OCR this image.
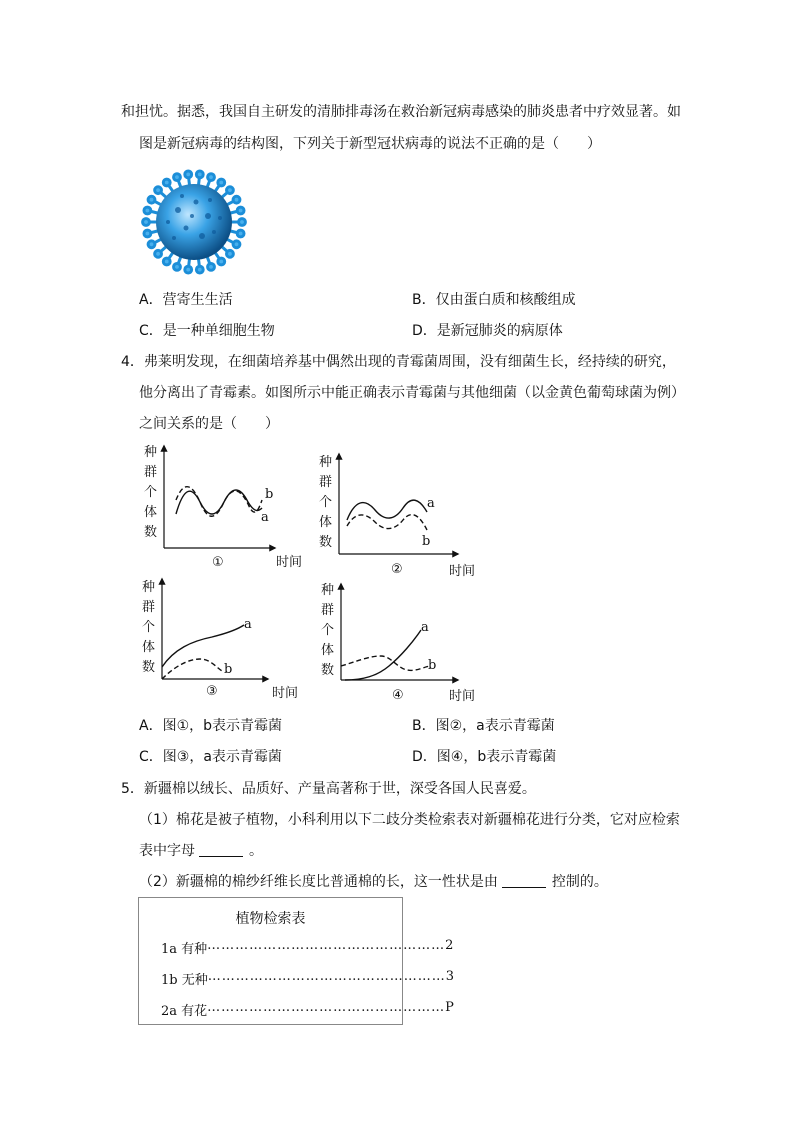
和担忧。据悉，我国自主研发的清肺排毒汤在救治新冠病毒感染的肺炎患者中疗效显著。如
图是新冠病毒的结构图，下列关于新型冠状病毒的说法不正确的是（　　）
A．营寄生生活	B．仅由蛋白质和核酸组成
C．是一种单细胞生物	D．是新冠肺炎的病原体
4．弗莱明发现，在细菌培养基中偶然出现的青霉菌周围，没有细菌生长，经持续的研究，
他分离出了青霉素。如图所示中能正确表示青霉菌与其他细菌（以金黄色葡萄球菌为例）
之间关系的是（　　）
种
群
个
体
数
b
a
①	时间
种
群
个
体
数
a
b
②	时间
种
群
个
体
数
a
b
③	时间
种
群
个
体
数
a
b
④	时间
A．图①，b表示青霉菌	B．图②，a表示青霉菌
C．图③，a表示青霉菌	D．图④，b表示青霉菌
5．新疆棉以绒长、品质好、产量高著称于世，深受各国人民喜爱。
（1）棉花是被子植物，小科利用以下二歧分类检索表对新疆棉花进行分类，它对应检索
表中字母	。
（2）新疆棉的棉纱纤维长度比普通棉的长，这一性状是由	控制的。
植物检索表
1a 有种 …………………………………………… 2
1b 无种 …………………………………………… 3
2a 有花 …………………………………………… P
